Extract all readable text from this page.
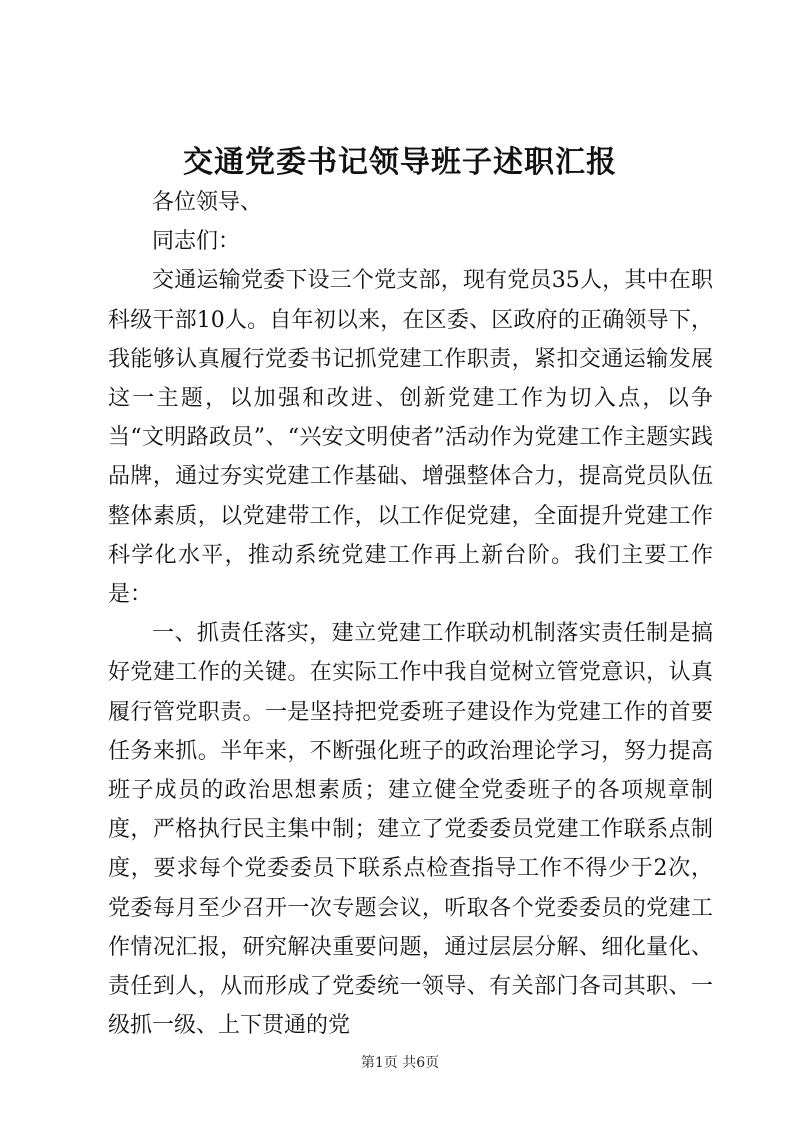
交通党委书记领导班子述职汇报

各位领导、

同志们：

交通运输党委下设三个党支部，现有党员35人，其中在职科级干部10人。自年初以来，在区委、区政府的正确领导下，我能够认真履行党委书记抓党建工作职责，紧扣交通运输发展这一主题，以加强和改进、创新党建工作为切入点，以争当“文明路政员”、“兴安文明使者”活动作为党建工作主题实践品牌，通过夯实党建工作基础、增强整体合力，提高党员队伍整体素质，以党建带工作，以工作促党建，全面提升党建工作科学化水平，推动系统党建工作再上新台阶。我们主要工作是：

一、抓责任落实，建立党建工作联动机制落实责任制是搞好党建工作的关键。在实际工作中我自觉树立管党意识，认真履行管党职责。一是坚持把党委班子建设作为党建工作的首要任务来抓。半年来，不断强化班子的政治理论学习，努力提高班子成员的政治思想素质；建立健全党委班子的各项规章制度，严格执行民主集中制；建立了党委委员党建工作联系点制度，要求每个党委委员下联系点检查指导工作不得少于2次，党委每月至少召开一次专题会议，听取各个党委委员的党建工作情况汇报，研究解决重要问题，通过层层分解、细化量化、责任到人，从而形成了党委统一领导、有关部门各司其职、一级抓一级、上下贯通的党

第1页 共6页
